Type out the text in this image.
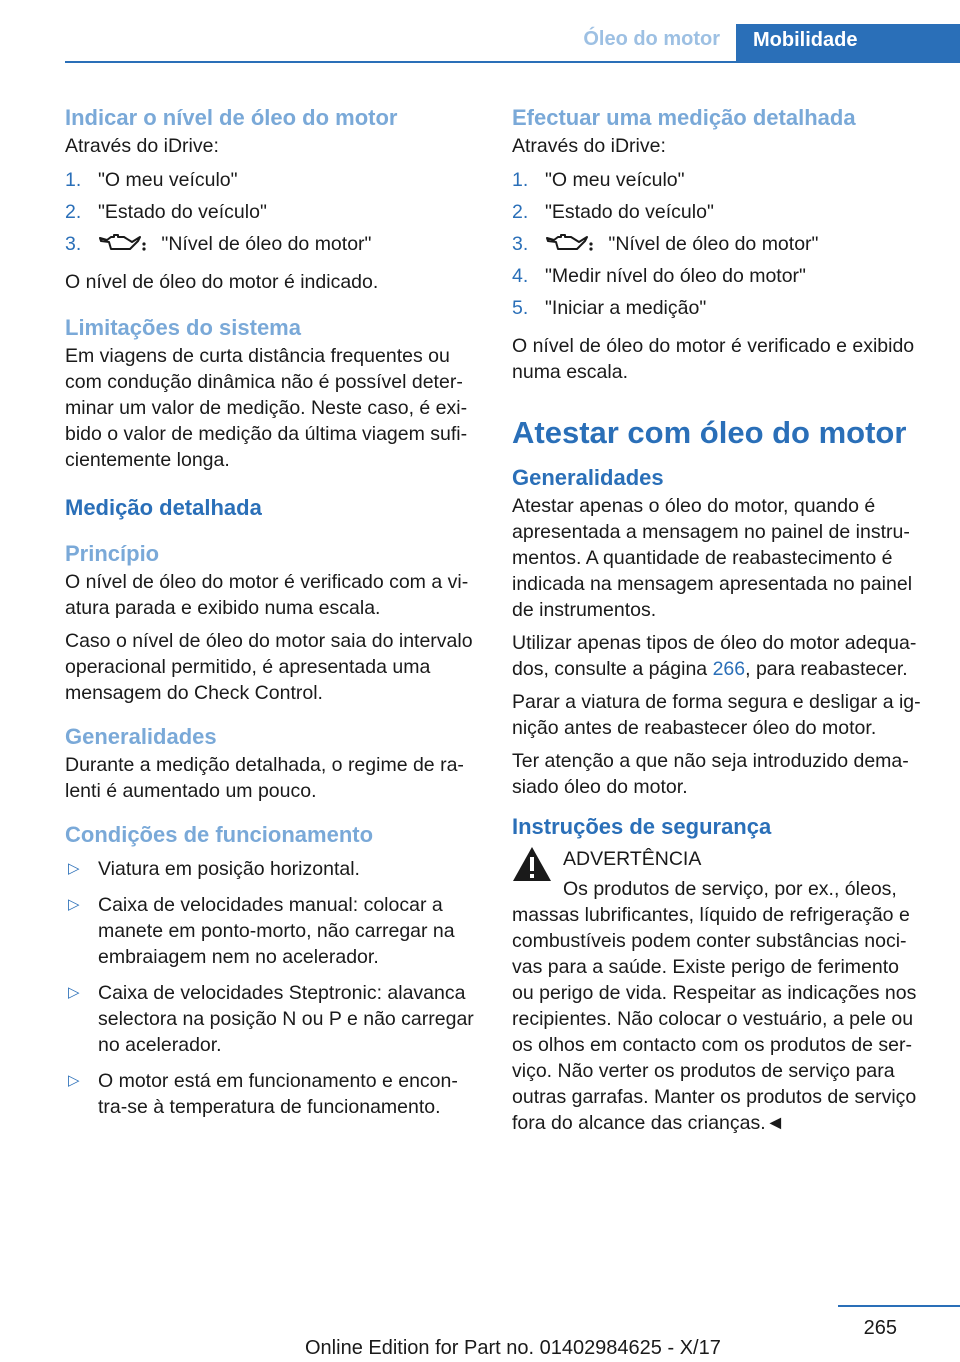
Óleo do motor	Mobilidade
Indicar o nível de óleo do motor

Através do iDrive:

1. "O meu veículo"
2. "Estado do veículo"
3.	"Nível de óleo do motor"

O nível de óleo do motor é indicado.

Limitações do sistema

Em viagens de curta distância frequentes ou com condução dinâmica não é possível deter-minar um valor de medição. Neste caso, é exi-bido o valor de medição da última viagem sufi-cientemente longa.

Medição detalhada
Princípio

O nível de óleo do motor é verificado com a vi-atura parada e exibido numa escala.

Caso o nível de óleo do motor saia do intervalo operacional permitido, é apresentada uma mensagem do Check Control.

Generalidades

Durante a medição detalhada, o regime de ra-lenti é aumentado um pouco.

Condições de funcionamento
▷ Viatura em posição horizontal.
▷ Caixa de velocidades manual: colocar a manete em ponto-morto, não carregar na embraiagem nem no acelerador.
▷ Caixa de velocidades Steptronic: alavanca selectora na posição N ou P e não carregar no acelerador.
▷ O motor está em funcionamento e encon-tra-se à temperatura de funcionamento.
Efectuar uma medição detalhada

Através do iDrive:

1. "O meu veículo"
2. "Estado do veículo"
3.	"Nível de óleo do motor"
4. "Medir nível do óleo do motor"
5. "Iniciar a medição"

O nível de óleo do motor é verificado e exibido numa escala.

Atestar com óleo do motor
Generalidades

Atestar apenas o óleo do motor, quando é apresentada a mensagem no painel de instru-mentos. A quantidade de reabastecimento é indicada na mensagem apresentada no painel de instrumentos.

Utilizar apenas tipos de óleo do motor adequa-dos, consulte a página 266, para reabastecer.

Parar a viatura de forma segura e desligar a ig-nição antes de reabastecer óleo do motor.

Ter atenção a que não seja introduzido dema-siado óleo do motor.

Instruções de segurança
ADVERTÊNCIA
Os produtos de serviço, por ex., óleos,
massas lubrificantes, líquido de refrigeração e combustíveis podem conter substâncias noci-vas para a saúde. Existe perigo de ferimento ou perigo de vida. Respeitar as indicações nos recipientes. Não colocar o vestuário, a pele ou os olhos em contacto com os produtos de ser-viço. Não verter os produtos de serviço para outras garrafas. Manter os produtos de serviço fora do alcance das crianças.◄
265
Online Edition for Part no. 01402984625 - X/17
